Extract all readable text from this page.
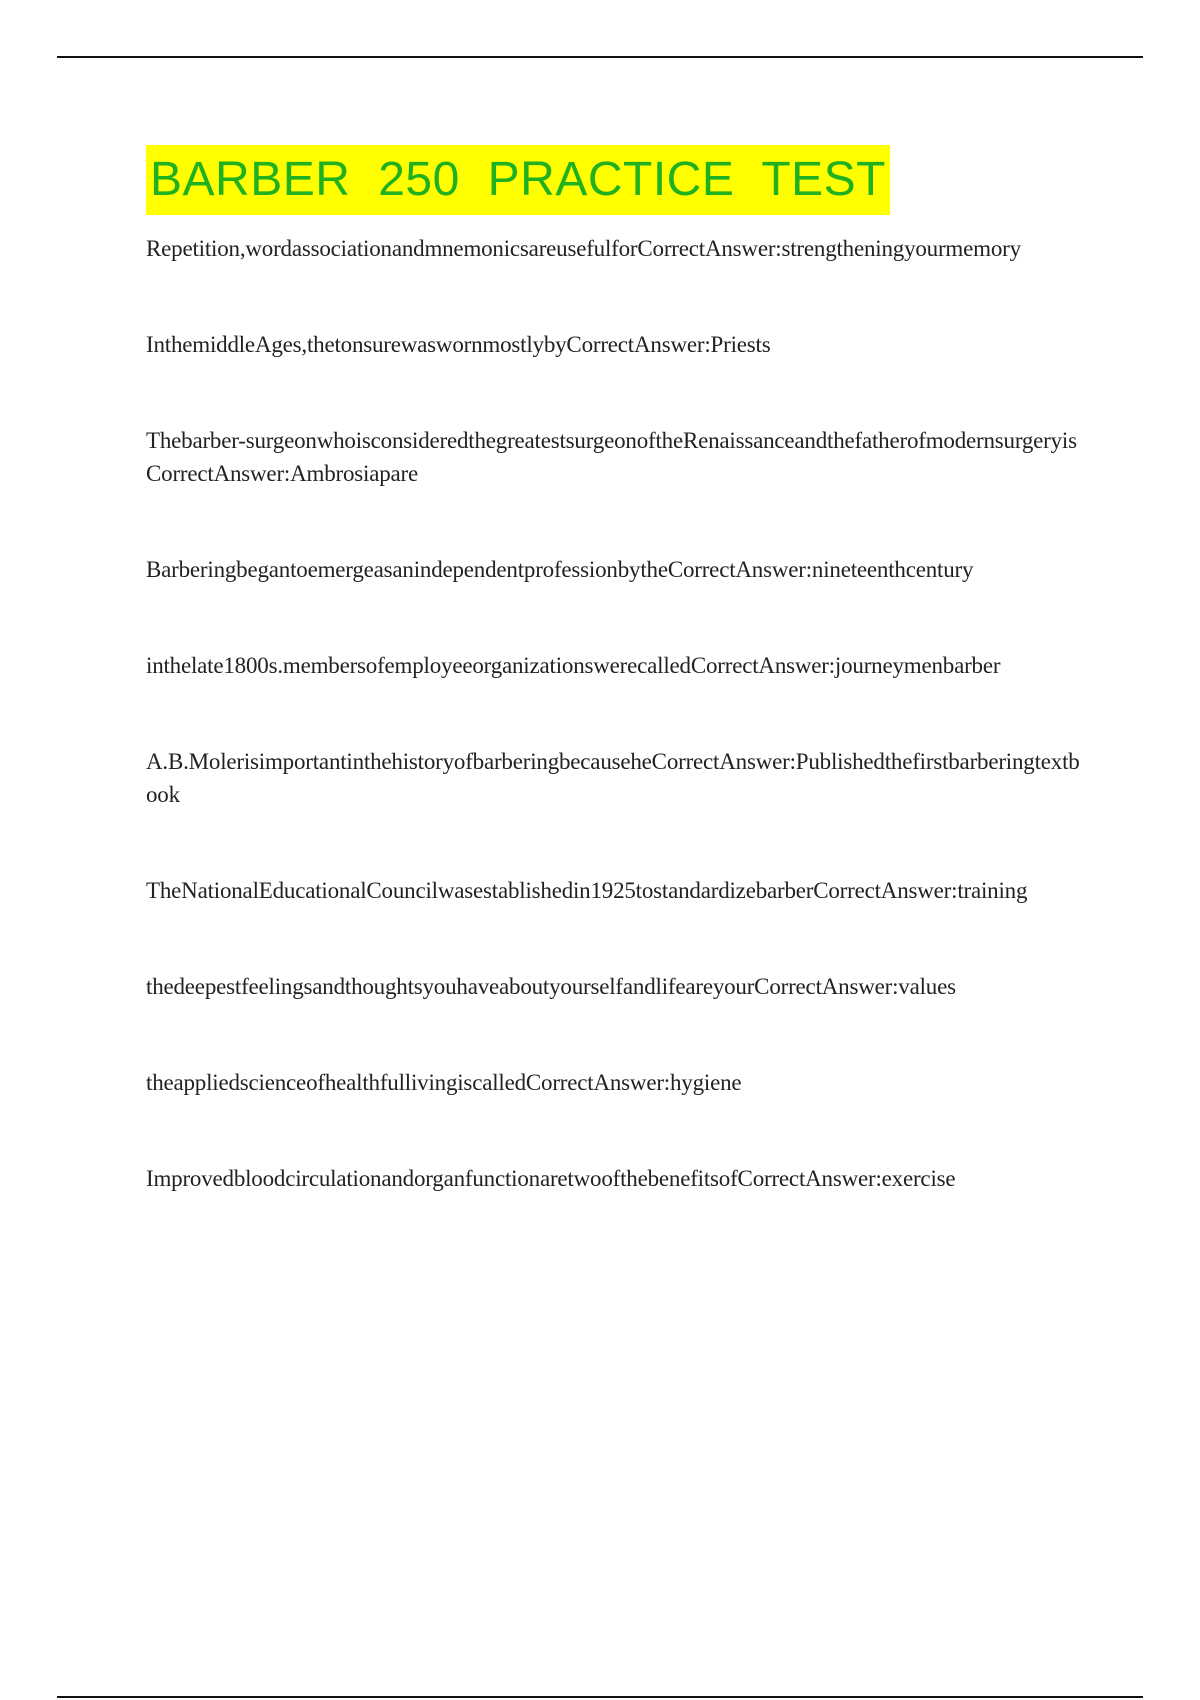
BARBER 250 PRACTICE TEST
Repetition,wordassociationandmnemonicsareusefulforCorrectAnswer:strengtheningyourmemory
InthemiddleAges,thetonsurewaswornmostlybyCorrectAnswer:Priests
Thebarber-surgeonwhoisconsideredthegreatestsurgeonoftheRenaissanceandthefatherofmodernsurgeryisCorrectAnswer:Ambrosiapare
BarberingbegantoemergeasanindependentprofessionbytheCorrectAnswer:nineteenthcentury
inthelate1800s.membersofemployeeorganizationswerecalledCorrectAnswer:journeymenbarber
A.B.MolerisimportantinthehistoryofbarberingbecauseheCorrectAnswer:Publishedthefirstbarberingtextbook
TheNationalEducationalCouncilwasestablishedin1925tostandardizebarberCorrectAnswer:training
thedeepestfeelingsandthoughtsyouhaveaboutyourselfandlifeareyourCorrectAnswer:values
theappliedscienceofhealthfullivingiscalledCorrectAnswer:hygiene
ImprovedbloodcirculationandorganfunctionaretwoofthebenefitsofCorrectAnswer:exercise
